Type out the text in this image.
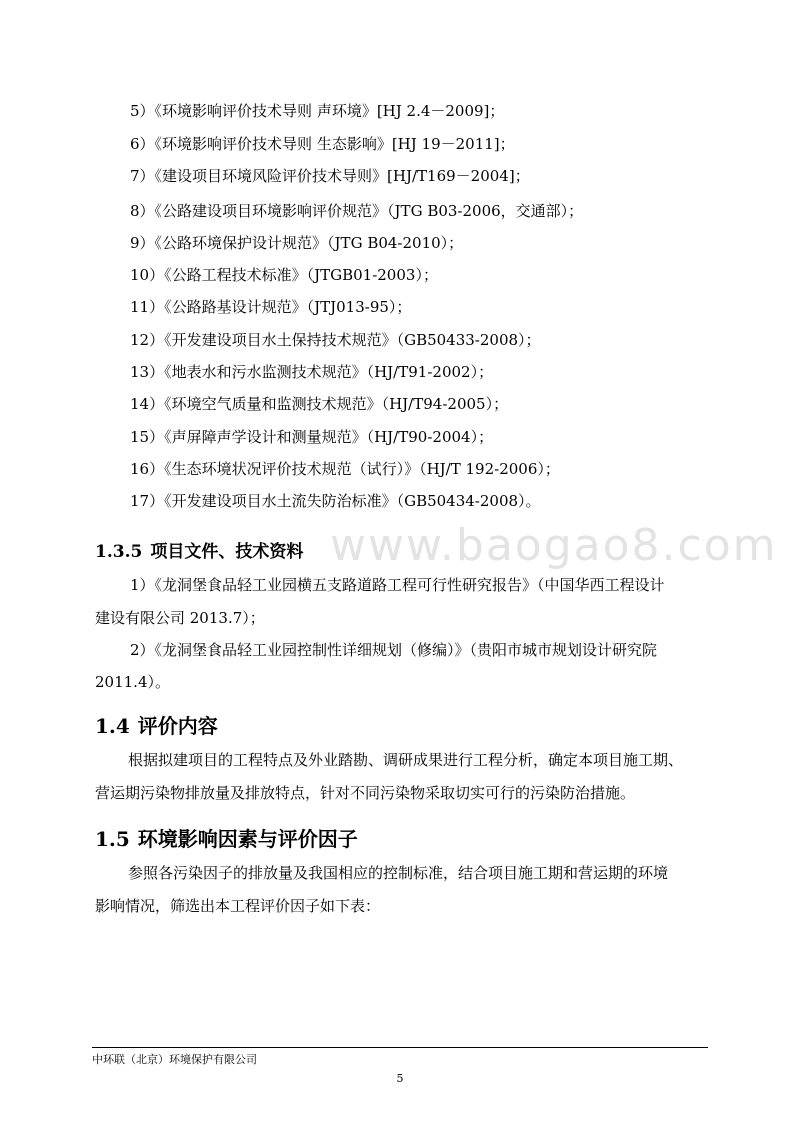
www.baogao8.com
5）《环境影响评价技术导则 声环境》[HJ 2.4－2009]；
6）《环境影响评价技术导则 生态影响》[HJ 19－2011]；
7）《建设项目环境风险评价技术导则》[HJ/T169－2004]；
8）《公路建设项目环境影响评价规范》（JTG B03-2006，交通部）；
9）《公路环境保护设计规范》（JTG B04-2010）；
10）《公路工程技术标准》（JTGB01-2003）；
11）《公路路基设计规范》（JTJ013-95）；
12）《开发建设项目水土保持技术规范》（GB50433-2008）；
13）《地表水和污水监测技术规范》（HJ/T91-2002）；
14）《环境空气质量和监测技术规范》（HJ/T94-2005）；
15）《声屏障声学设计和测量规范》（HJ/T90-2004）；
16）《生态环境状况评价技术规范（试行）》（HJ/T 192-2006）；
17）《开发建设项目水土流失防治标准》（GB50434-2008）。
1.3.5 项目文件、技术资料
1）《龙洞堡食品轻工业园横五支路道路工程可行性研究报告》（中国华西工程设计
建设有限公司 2013.7）；
2）《龙洞堡食品轻工业园控制性详细规划（修编）》（贵阳市城市规划设计研究院
2011.4）。
1.4 评价内容
根据拟建项目的工程特点及外业踏勘、调研成果进行工程分析，确定本项目施工期、
营运期污染物排放量及排放特点，针对不同污染物采取切实可行的污染防治措施。
1.5 环境影响因素与评价因子
参照各污染因子的排放量及我国相应的控制标准，结合项目施工期和营运期的环境
影响情况，筛选出本工程评价因子如下表：
中环联（北京）环境保护有限公司
5
